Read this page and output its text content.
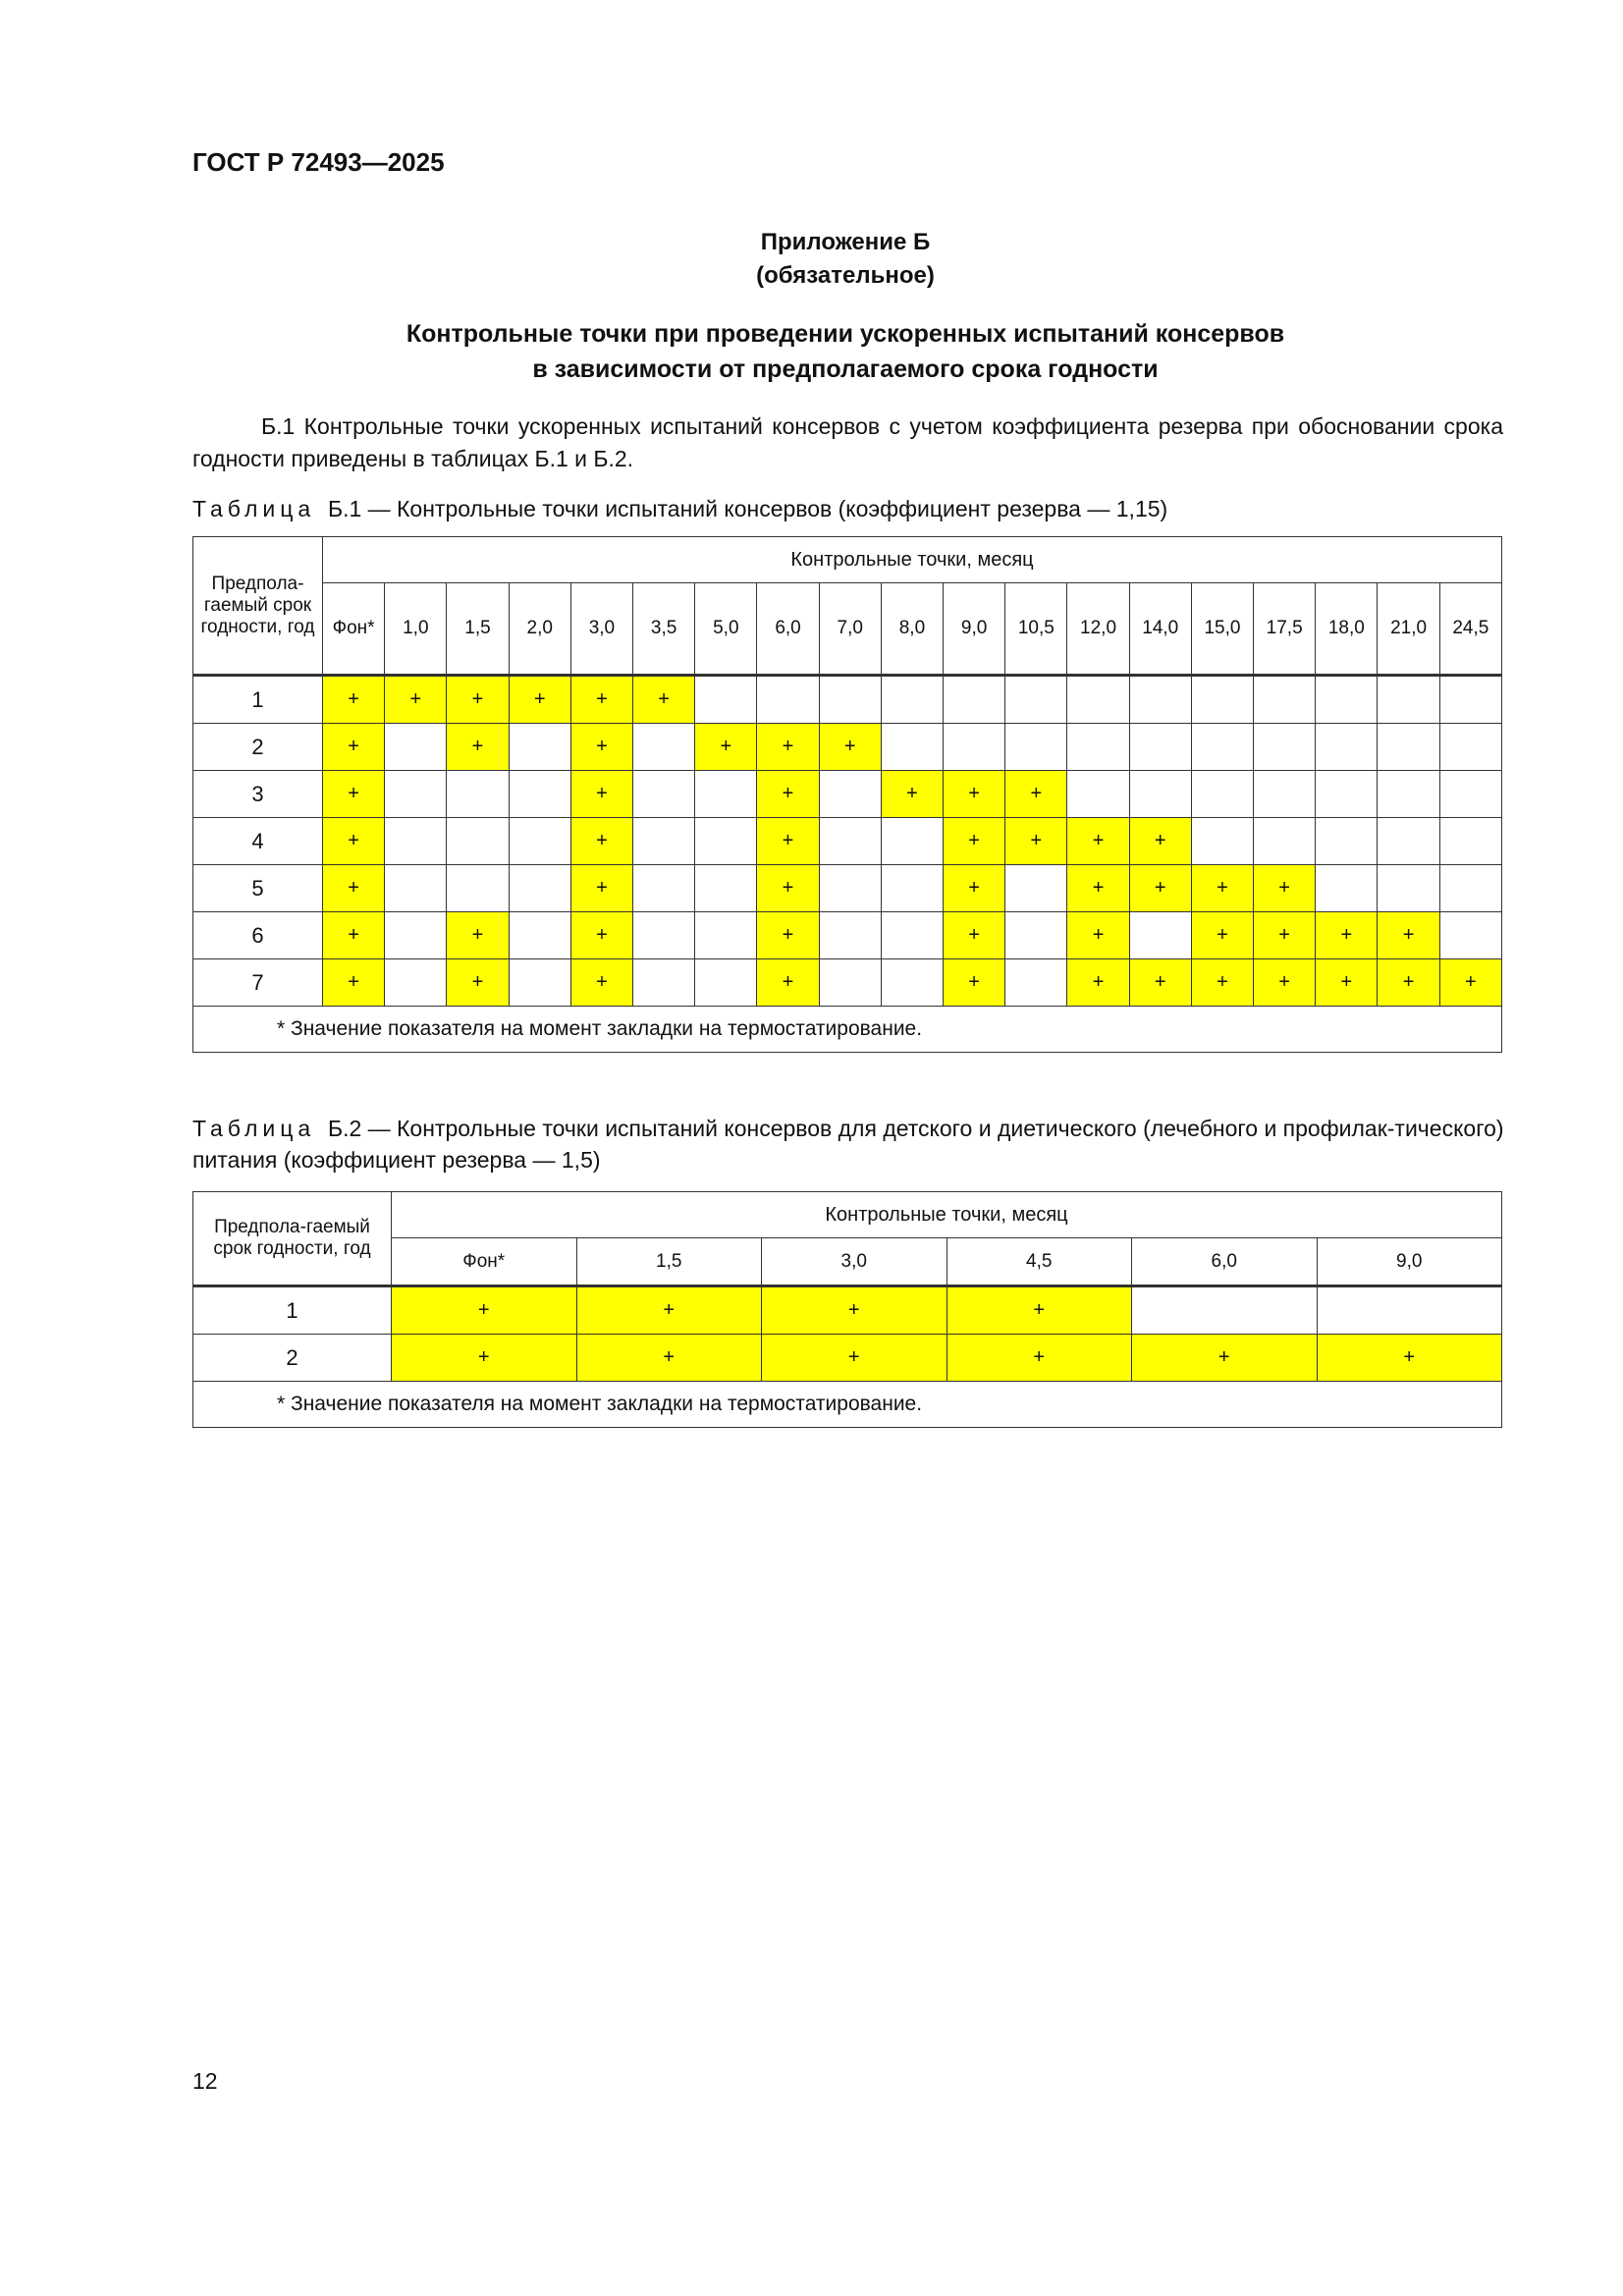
ГОСТ Р 72493—2025
Приложение Б
(обязательное)
Контрольные точки при проведении ускоренных испытаний консервов
в зависимости от предполагаемого срока годности
Б.1 Контрольные точки ускоренных испытаний консервов с учетом коэффициента резерва при обосновании срока годности приведены в таблицах Б.1 и Б.2.
Таблица Б.1 — Контрольные точки испытаний консервов (коэффициент резерва — 1,15)
Предпола-гаемый срок годности, год	Контрольные точки, месяц																		
	Фон*	1,0	1,5	2,0	3,0	3,5	5,0	6,0	7,0	8,0	9,0	10,5	12,0	14,0	15,0	17,5	18,0	21,0	24,5
1	+	+	+	+	+	+													
2	+		+		+		+	+	+										
3	+				+			+		+	+	+							
4	+				+			+			+	+	+	+					
5	+				+			+			+		+	+	+	+			
6	+		+		+			+			+		+		+	+	+	+	
7	+		+		+			+			+		+	+	+	+	+	+	+
* Значение показателя на момент закладки на термостатирование.																			
Таблица Б.2 — Контрольные точки испытаний консервов для детского и диетического (лечебного и профилак-тического) питания (коэффициент резерва — 1,5)
Предпола-гаемый срок годности, год	Контрольные точки, месяц					
	Фон*	1,5	3,0	4,5	6,0	9,0
1	+	+	+	+		
2	+	+	+	+	+	+
* Значение показателя на момент закладки на термостатирование.						
12
